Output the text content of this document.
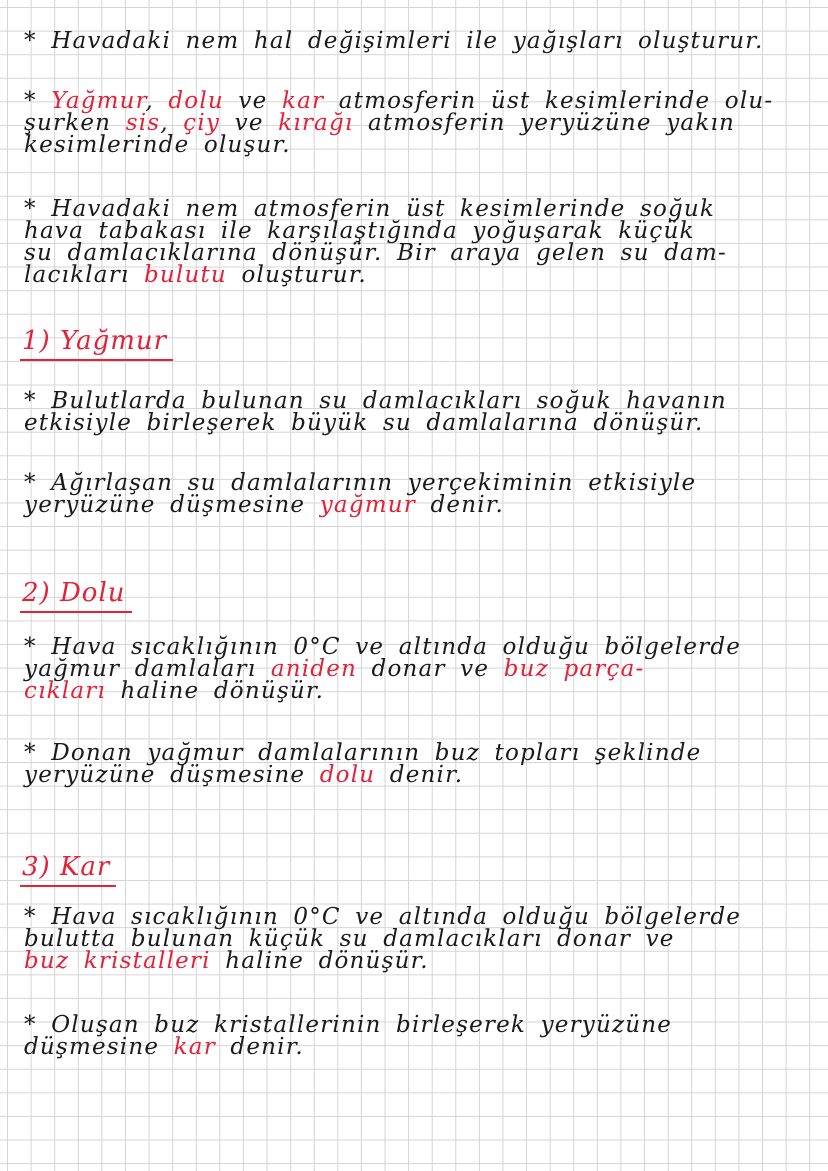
* Havadaki nem hal değişimleri ile yağışları oluşturur.
* Yağmur, dolu ve kar atmosferin üst kesimlerinde olu-
şurken sis, çiy ve kırağı atmosferin yeryüzüne yakın
kesimlerinde oluşur.
* Havadaki nem atmosferin üst kesimlerinde soğuk
hava tabakası ile karşılaştığında yoğuşarak küçük
su damlacıklarına dönüşür. Bir araya gelen su dam-
lacıkları bulutu oluşturur.
1) Yağmur
* Bulutlarda bulunan su damlacıkları soğuk havanın
etkisiyle birleşerek büyük su damlalarına dönüşür.
* Ağırlaşan su damlalarının yerçekiminin etkisiyle
yeryüzüne düşmesine yağmur denir.
2) Dolu
* Hava sıcaklığının 0°C ve altında olduğu bölgelerde
yağmur damlaları aniden donar ve buz parça-
cıkları haline dönüşür.
* Donan yağmur damlalarının buz topları şeklinde
yeryüzüne düşmesine dolu denir.
3) Kar
* Hava sıcaklığının 0°C ve altında olduğu bölgelerde
bulutta bulunan küçük su damlacıkları donar ve
buz kristalleri haline dönüşür.
* Oluşan buz kristallerinin birleşerek yeryüzüne
düşmesine kar denir.
